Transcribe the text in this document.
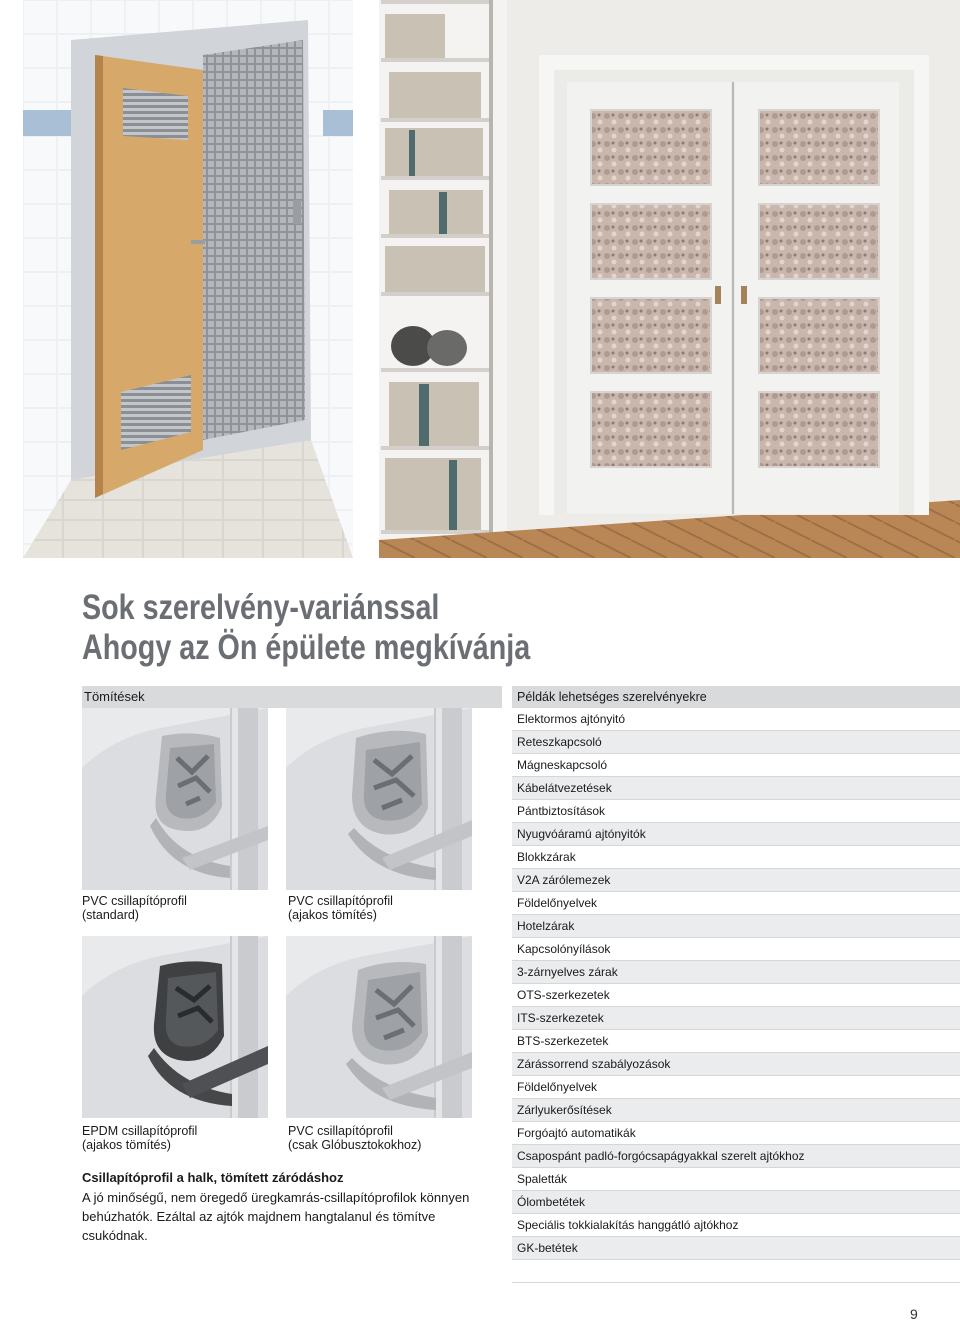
Sok szerelvény-variánssal
Ahogy az Ön épülete megkívánja
Tömítések
PVC csillapítóprofil
(standard)
PVC csillapítóprofil
(ajakos tömítés)
EPDM csillapítóprofil
(ajakos tömítés)
PVC csillapítóprofil
(csak Glóbusztokokhoz)
Csillapítóprofil a halk, tömített záródáshoz
A jó minőségű, nem öregedő üregkamrás-csillapítóprofilok könnyen behúzhatók. Ezáltal az ajtók majdnem hangtalanul és tömítve csukódnak.
Példák lehetséges szerelvényekre
Elektormos ajtónyitó
Reteszkapcsoló
Mágneskapcsoló
Kábelátvezetések
Pántbiztosítások
Nyugvóáramú ajtónyitók
Blokkzárak
V2A zárólemezek
Földelőnyelvek
Hotelzárak
Kapcsolónyílások
3-zárnyelves zárak
OTS-szerkezetek
ITS-szerkezetek
BTS-szerkezetek
Zárássorrend szabályozások
Földelőnyelvek
Zárlyukerősítések
Forgóajtó automatikák
Csapospánt padló-forgócsapágyakkal szerelt ajtókhoz
Spaletták
Ólombetétek
Speciális tokkialakítás hanggátló ajtókhoz
GK-betétek
9
